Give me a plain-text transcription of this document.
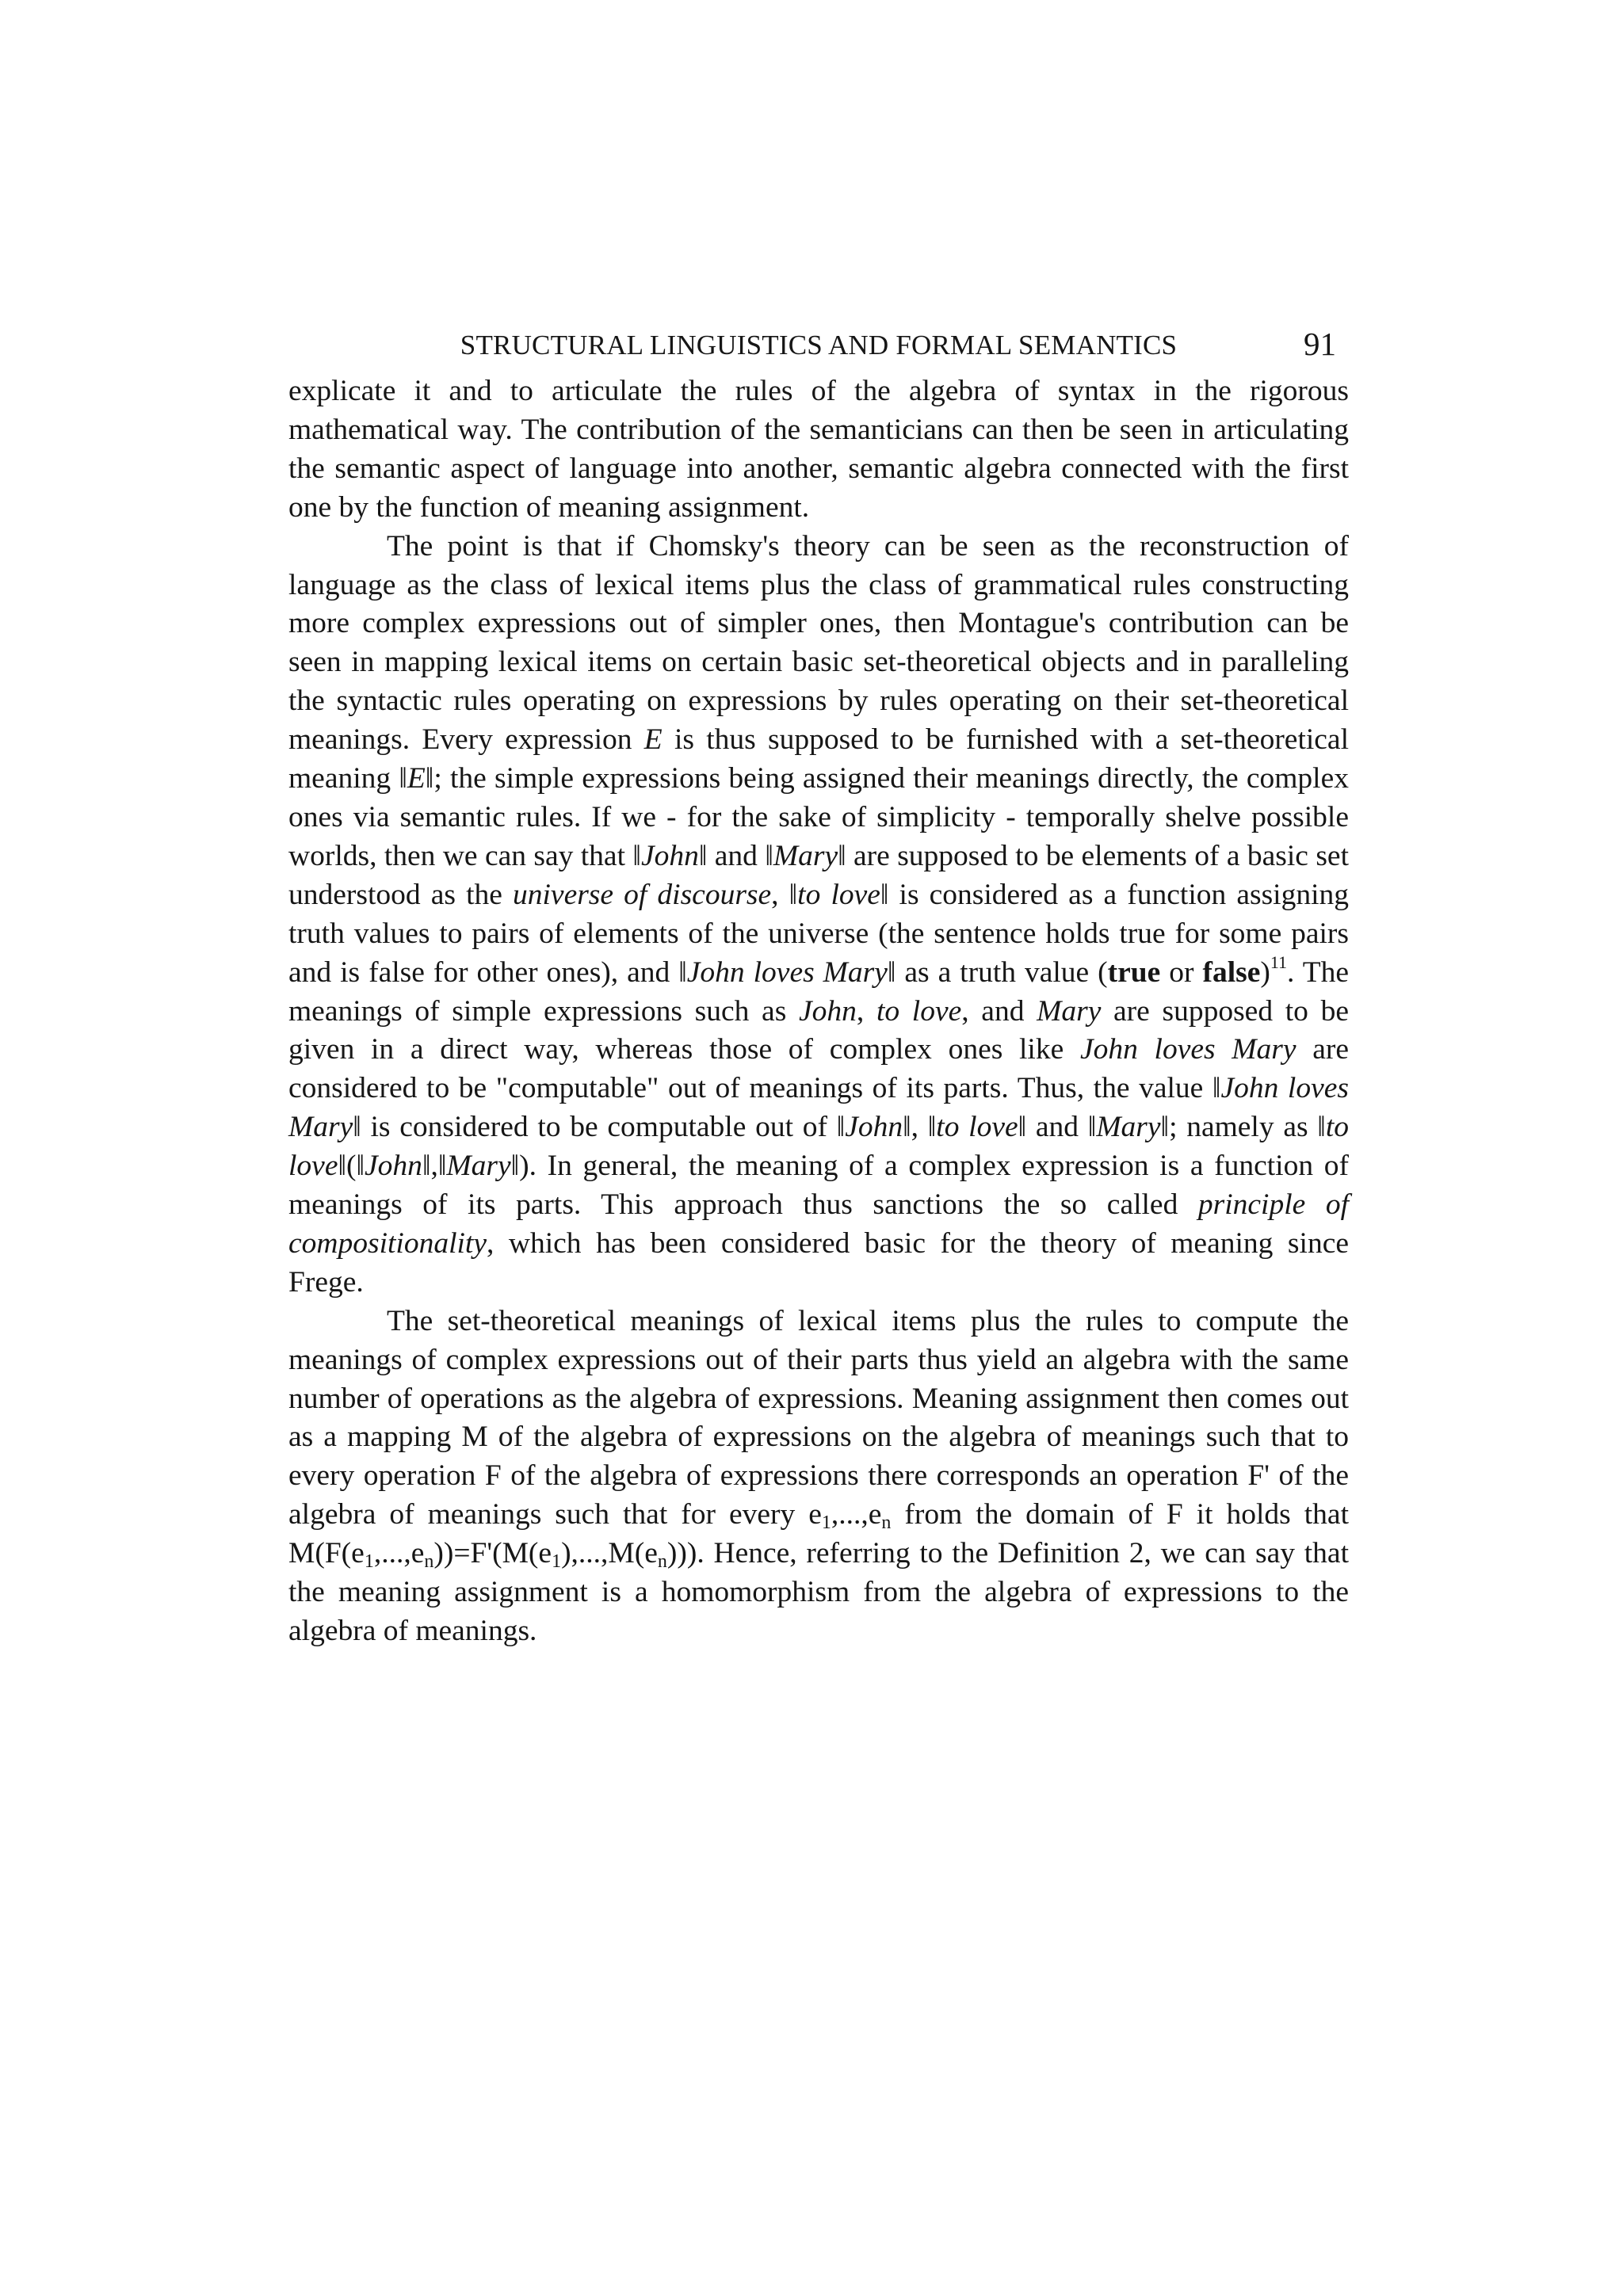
STRUCTURAL LINGUISTICS AND FORMAL SEMANTICS	91

explicate it and to articulate the rules of the algebra of syntax in the rigorous mathematical way. The contribution of the semanticians can then be seen in articulating the semantic aspect of language into another, semantic algebra connected with the first one by the function of meaning assignment.

The point is that if Chomsky's theory can be seen as the reconstruction of language as the class of lexical items plus the class of grammatical rules constructing more complex expressions out of simpler ones, then Montague's contribution can be seen in mapping lexical items on certain basic set-theoretical objects and in paralleling the syntactic rules operating on expressions by rules operating on their set-theoretical meanings. Every expression E is thus supposed to be furnished with a set-theoretical meaning ‖E‖; the simple expressions being assigned their meanings directly, the complex ones via semantic rules. If we - for the sake of simplicity - temporally shelve possible worlds, then we can say that ‖John‖ and ‖Mary‖ are supposed to be elements of a basic set understood as the universe of discourse, ‖to love‖ is considered as a function assigning truth values to pairs of elements of the universe (the sentence holds true for some pairs and is false for other ones), and ‖John loves Mary‖ as a truth value (true or false)$^{11}$. The meanings of simple expressions such as John, to love, and Mary are supposed to be given in a direct way, whereas those of complex ones like John loves Mary are considered to be "computable" out of meanings of its parts. Thus, the value ‖John loves Mary‖ is considered to be computable out of ‖John‖, ‖to love‖ and ‖Mary‖; namely as ‖to love‖(‖John‖,‖Mary‖). In general, the meaning of a complex expression is a function of meanings of its parts. This approach thus sanctions the so called principle of compositionality, which has been considered basic for the theory of meaning since Frege.

The set-theoretical meanings of lexical items plus the rules to compute the meanings of complex expressions out of their parts thus yield an algebra with the same number of operations as the algebra of expressions. Meaning assignment then comes out as a mapping M of the algebra of expressions on the algebra of meanings such that to every operation F of the algebra of expressions there corresponds an operation F' of the algebra of meanings such that for every $e_1,...,e_n$ from the domain of F it holds that $M(F(e_1,...,e_n))=F'(M(e_1),...,M(e_n))$). Hence, referring to the Definition 2, we can say that the meaning assignment is a homomorphism from the algebra of expressions to the algebra of meanings.
